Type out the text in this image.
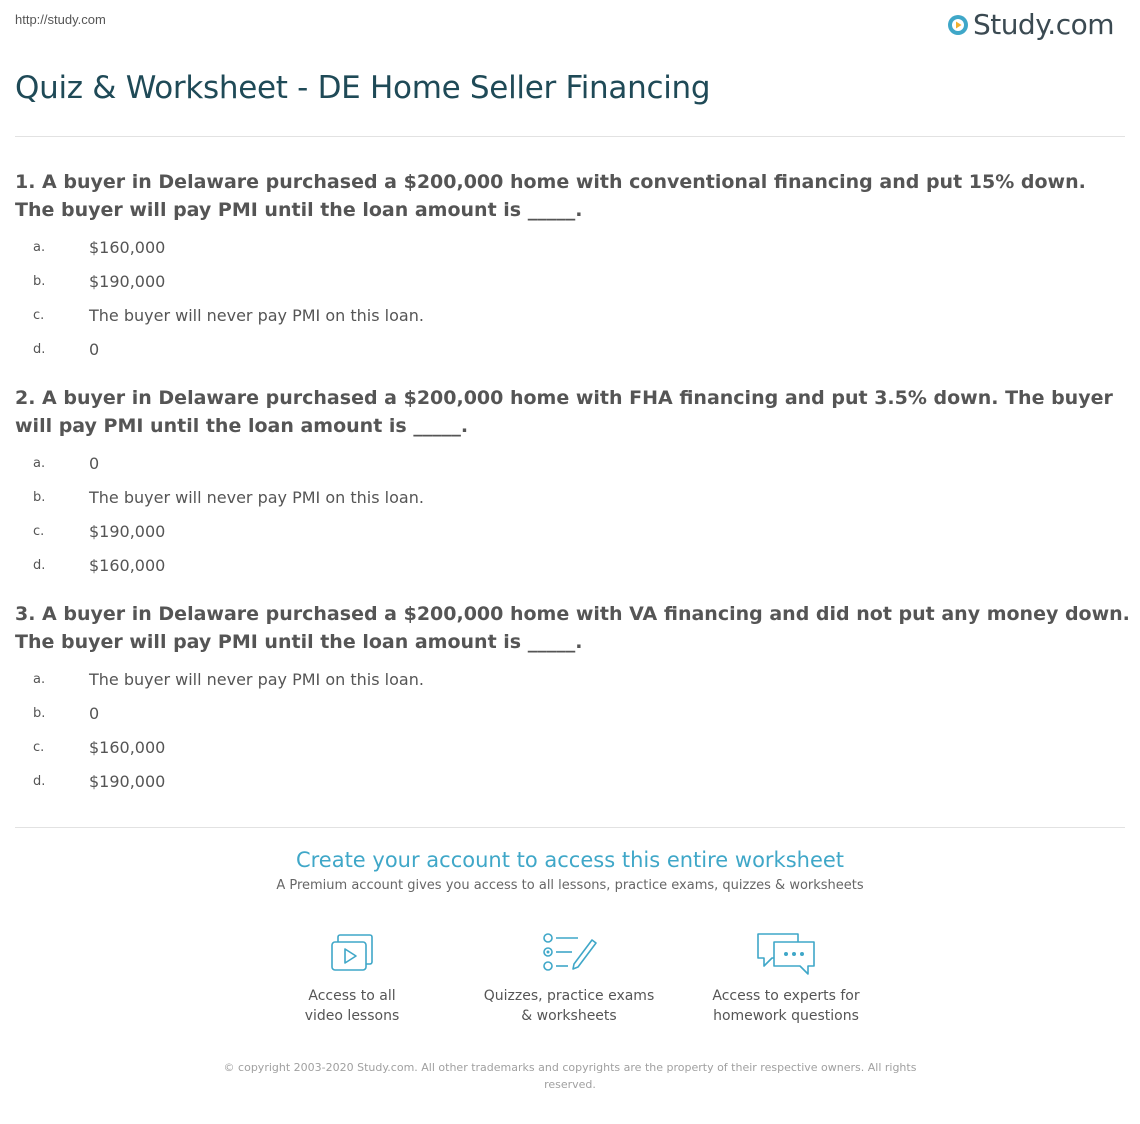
http://study.com	Study.com
Quiz & Worksheet - DE Home Seller Financing

1. A buyer in Delaware purchased a $200,000 home with conventional financing and put 15% down. The buyer will pay PMI until the loan amount is _____.

a.	$160,000
b.	$190,000
c.	The buyer will never pay PMI on this loan.
d.	0

2. A buyer in Delaware purchased a $200,000 home with FHA financing and put 3.5% down. The buyer will pay PMI until the loan amount is _____.

a.	0
b.	The buyer will never pay PMI on this loan.
c.	$190,000
d.	$160,000

3. A buyer in Delaware purchased a $200,000 home with VA financing and did not put any money down. The buyer will pay PMI until the loan amount is _____.

a.	The buyer will never pay PMI on this loan.
b.	0
c.	$160,000
d.	$190,000
Create your account to access this entire worksheet
A Premium account gives you access to all lessons, practice exams, quizzes & worksheets
Access to all
video lessons
Quizzes, practice exams
& worksheets
Access to experts for
homework questions
© copyright 2003-2020 Study.com. All other trademarks and copyrights are the property of their respective owners. All rights
reserved.
